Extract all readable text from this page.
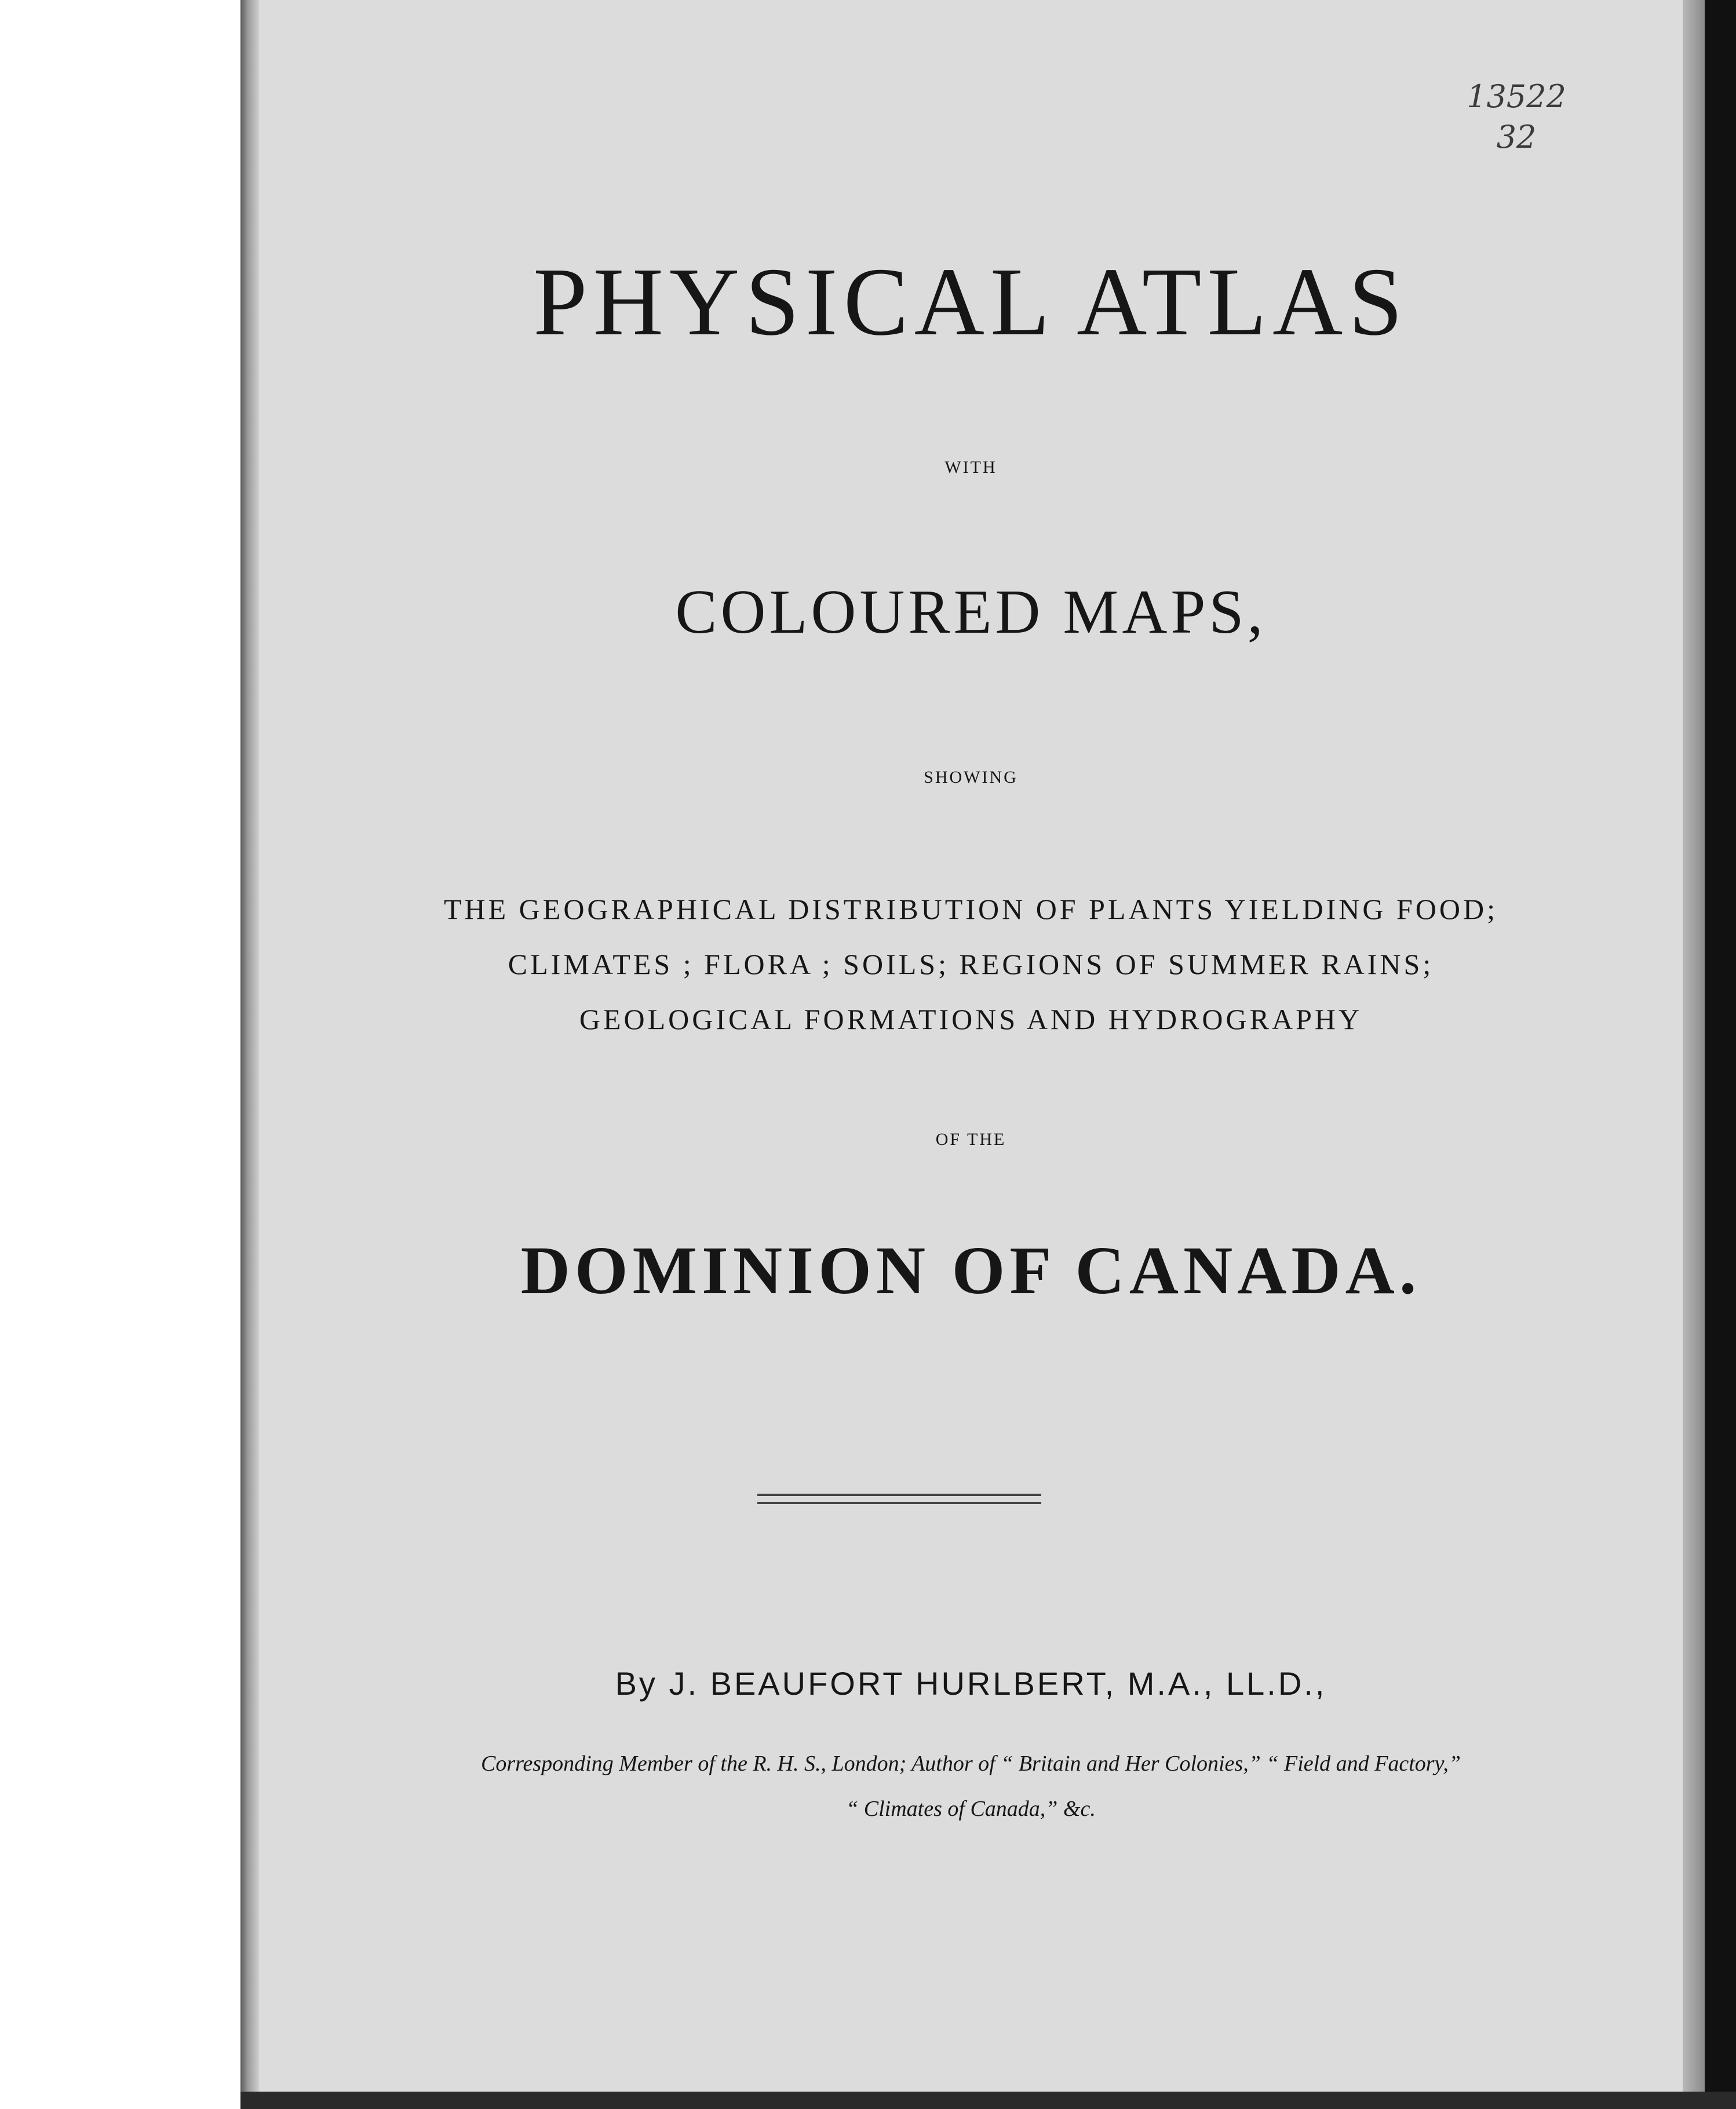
13522
32
PHYSICAL ATLAS
WITH
COLOURED MAPS,
SHOWING
THE GEOGRAPHICAL DISTRIBUTION OF PLANTS YIELDING FOOD;
CLIMATES ; FLORA ; SOILS; REGIONS OF SUMMER RAINS;
GEOLOGICAL FORMATIONS AND HYDROGRAPHY
OF THE
DOMINION OF CANADA.
By J. BEAUFORT HURLBERT, M.A., LL.D.,
Corresponding Member of the R. H. S., London; Author of “ Britain and Her Colonies,” “ Field and Factory,”
“ Climates of Canada,” &c.
